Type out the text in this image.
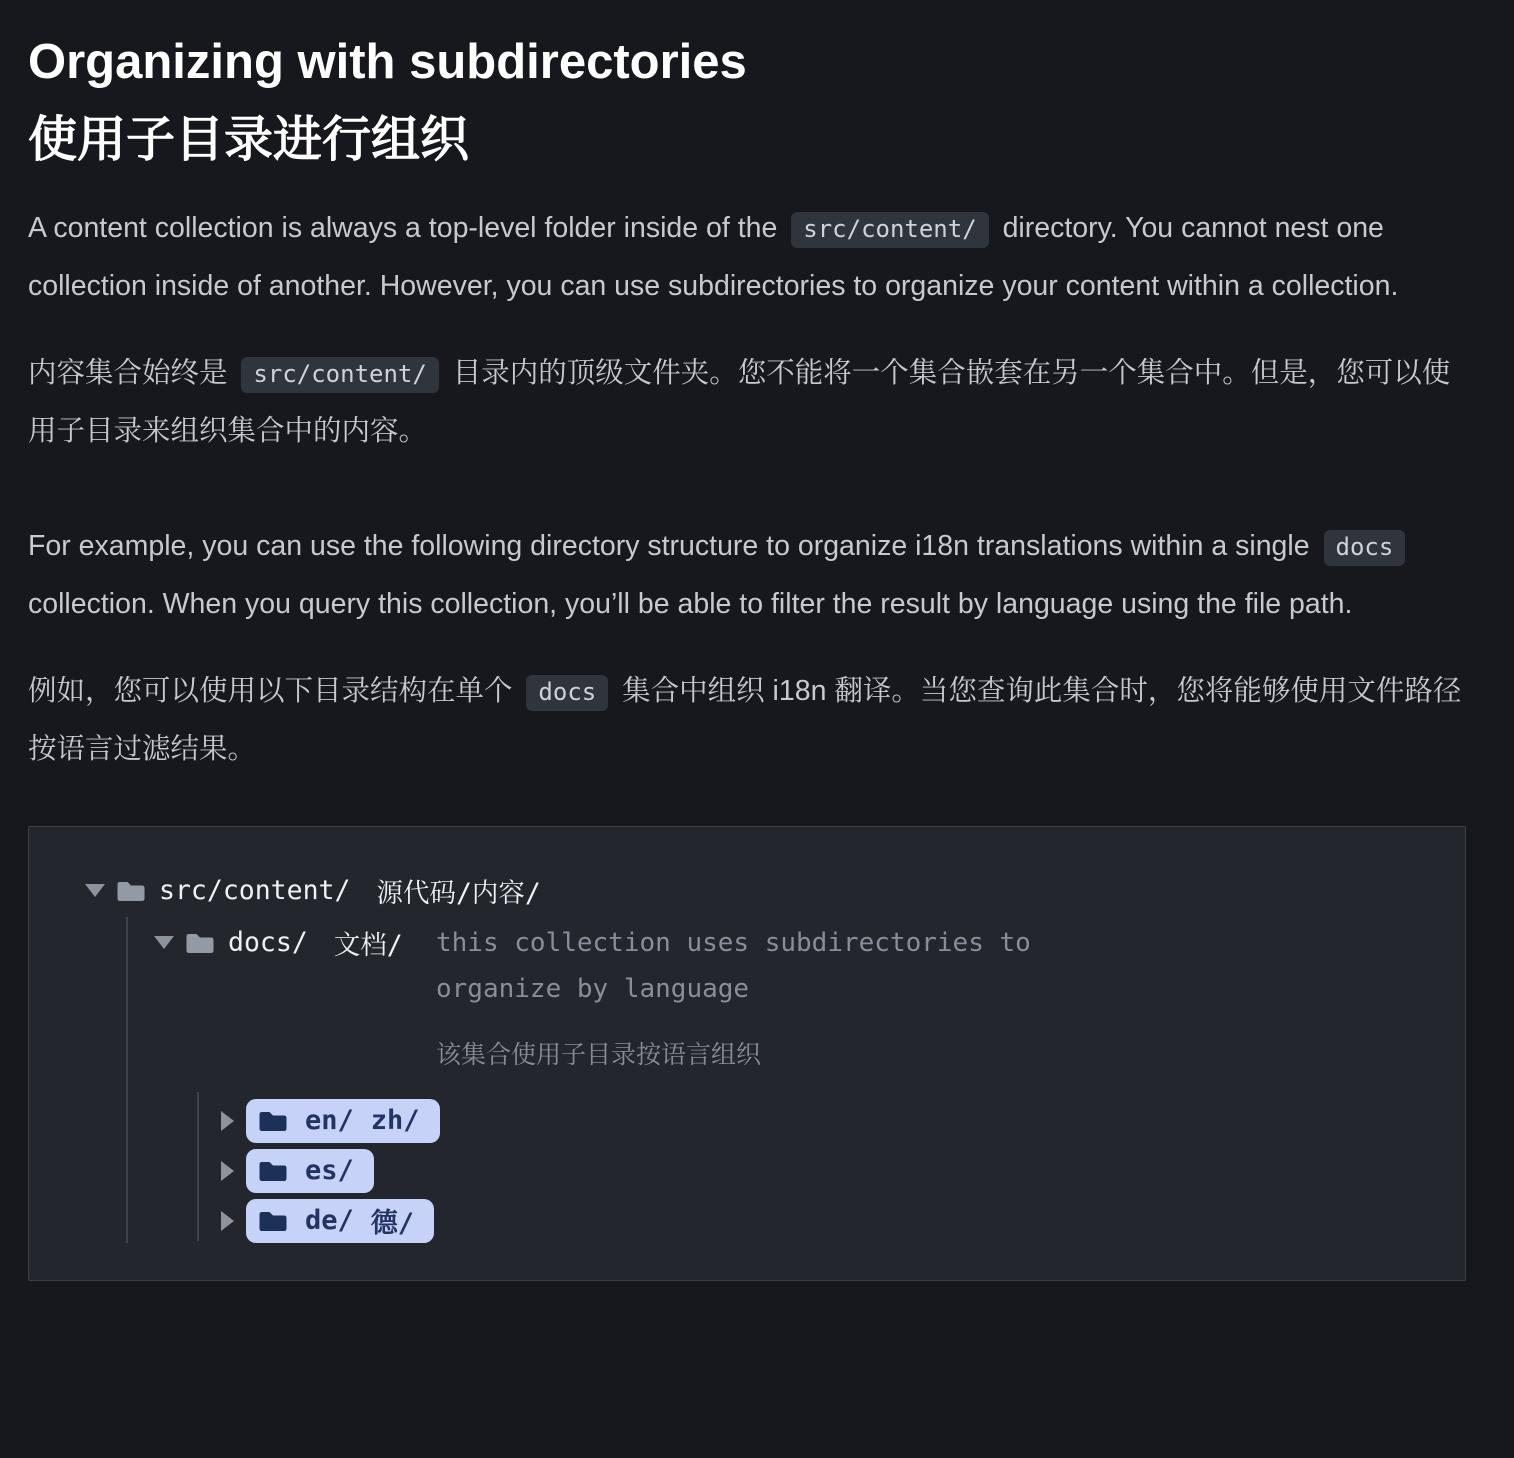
Organizing with subdirectories
使用子目录进行组织

A content collection is always a top-level folder inside of the src/content/ directory. You cannot nest one collection inside of another. However, you can use subdirectories to organize your content within a collection.

内容集合始终是 src/content/ 目录内的顶级文件夹。您不能将一个集合嵌套在另一个集合中。但是，您可以使用子目录来组织集合中的内容。

For example, you can use the following directory structure to organize i18n translations within a single docs collection. When you query this collection, you’ll be able to filter the result by language using the file path.

例如，您可以使用以下目录结构在单个 docs 集合中组织 i18n 翻译。当您查询此集合时，您将能够使用文件路径按语言过滤结果。

src/content/ 源代码/内容/
docs/ 文档/ this collection uses subdirectories to organize by language
该集合使用子目录按语言组织
en/ zh/
es/
de/ 德/
